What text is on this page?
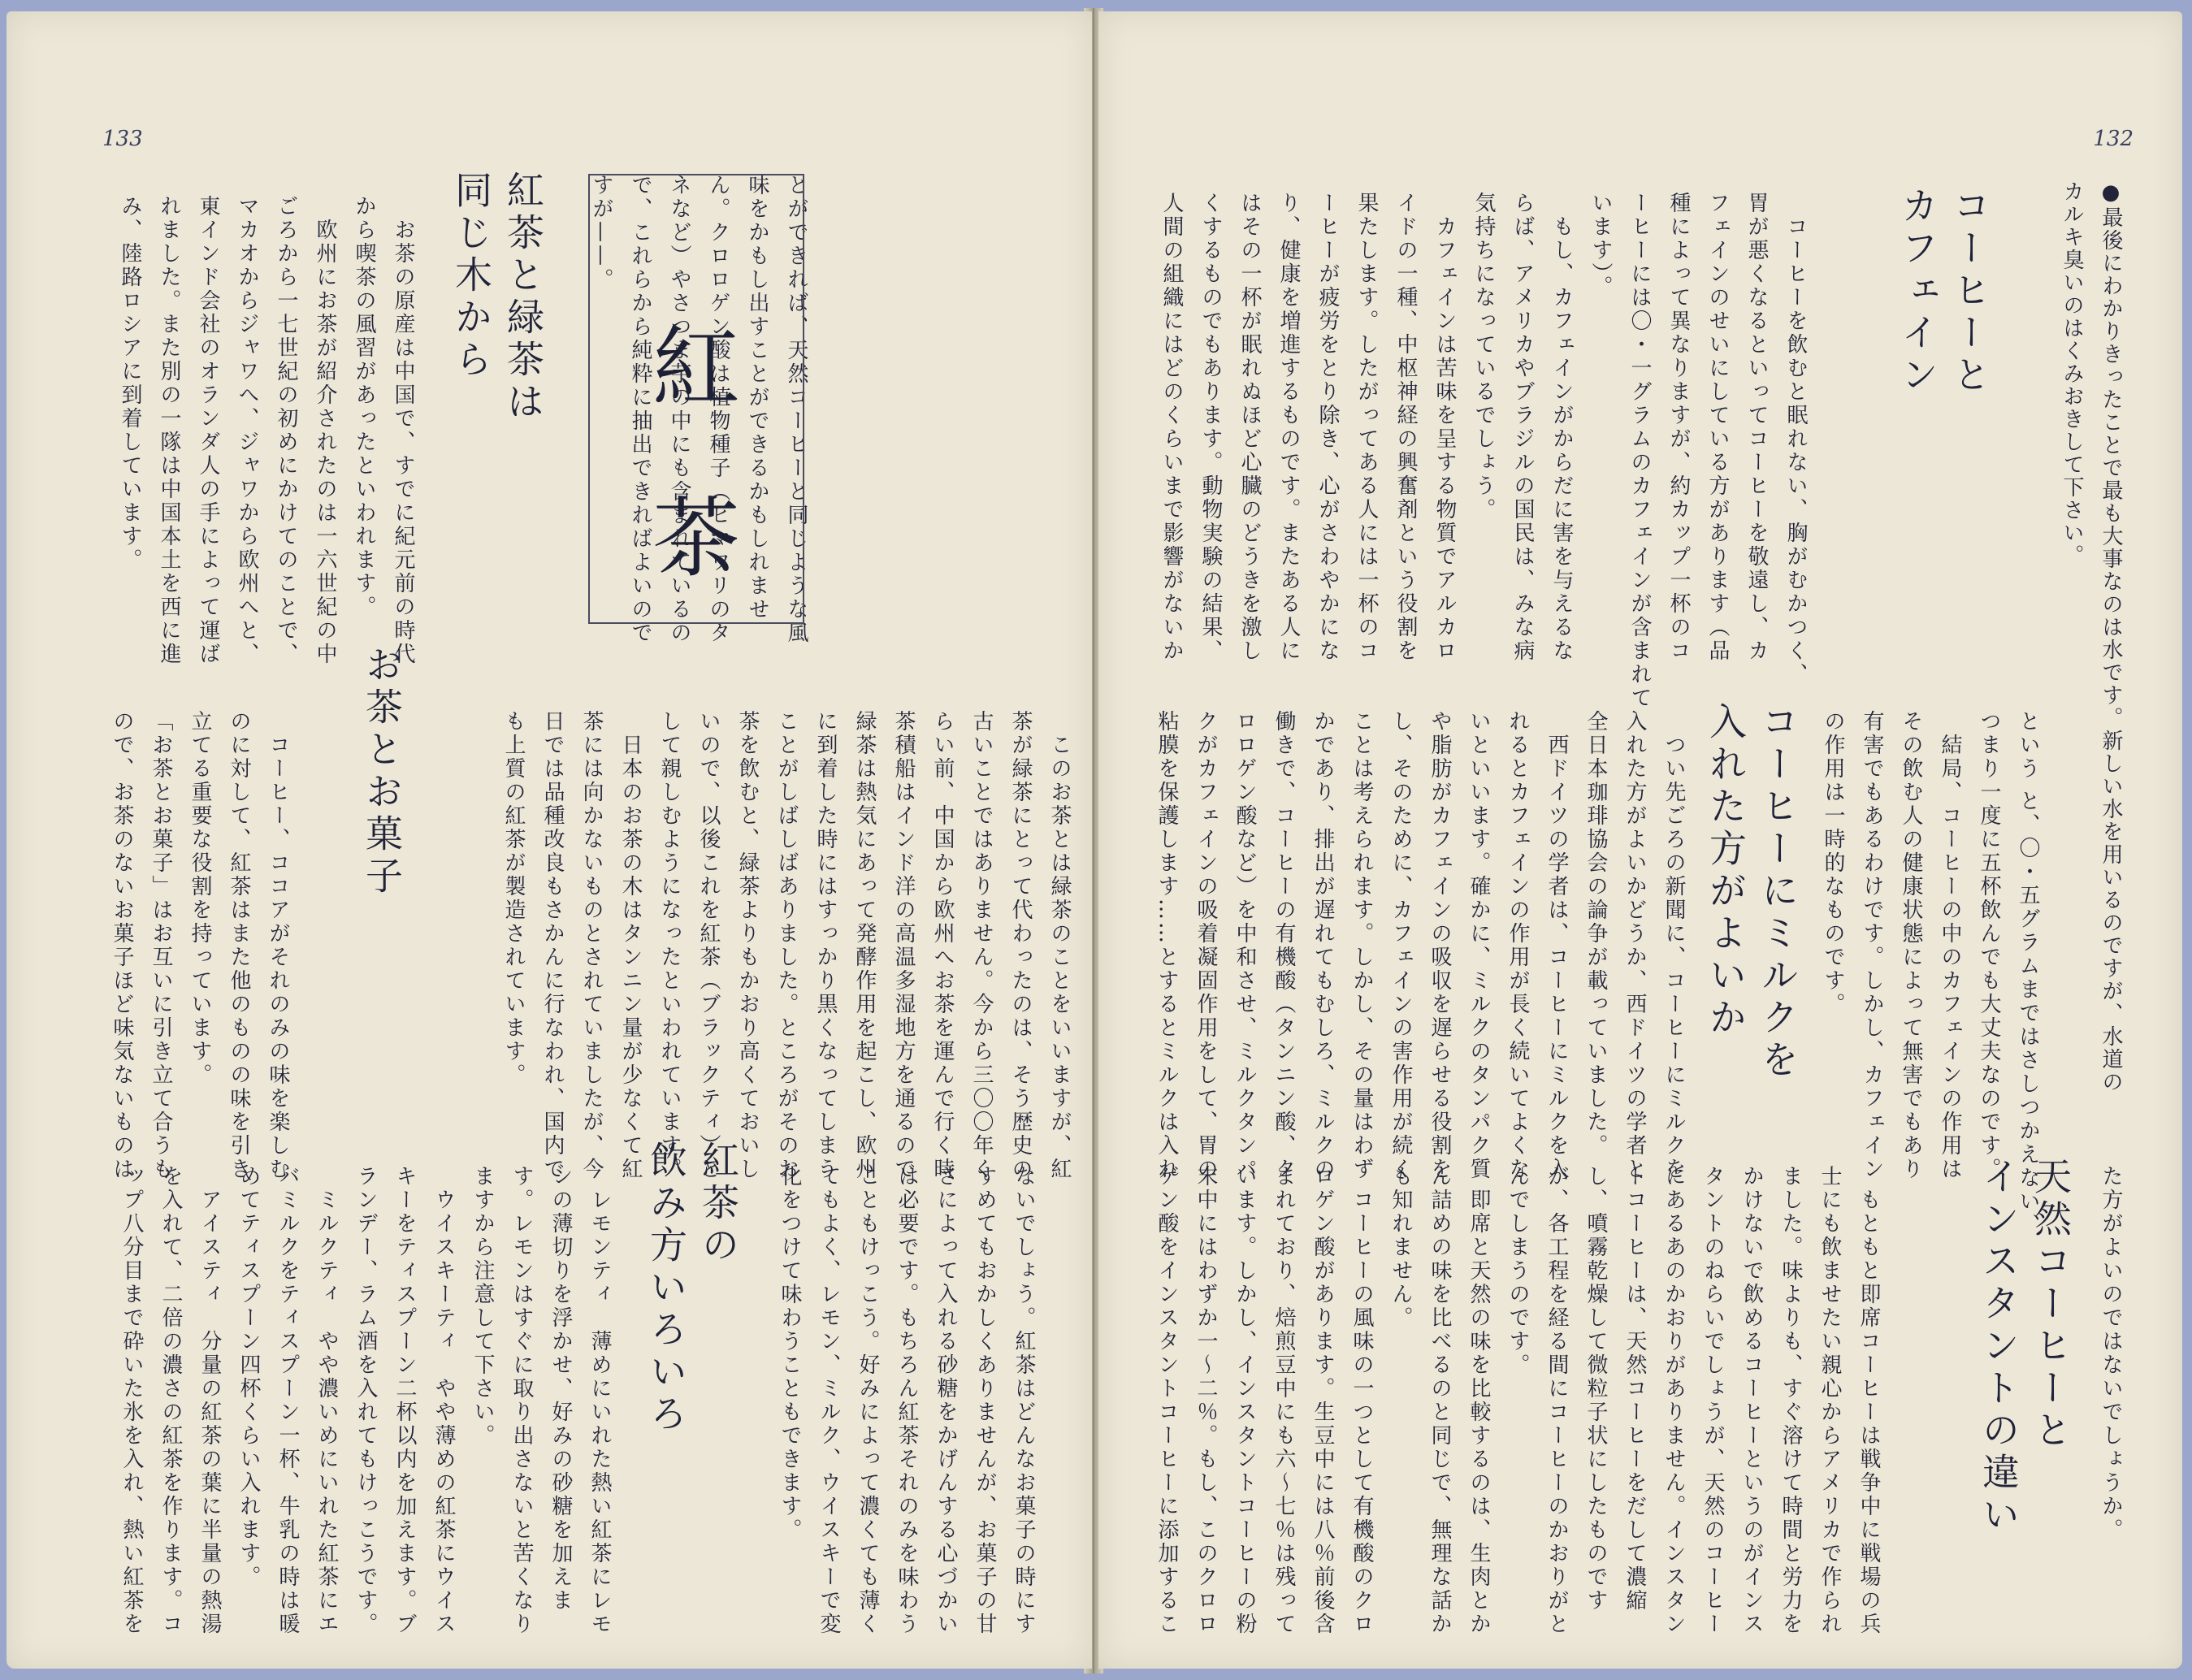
133
とができれば、天然コーヒーと同じような風
味をかもし出すことができるかもしれませ
ん。クロロゲン酸は植物種子（ヒマワリのタ
ネなど）やさつま芋の中にも含まれているの
で、これらから純粋に抽出できればよいので
すが——。
紅
茶
紅茶と緑茶は
同じ木から
　お茶の原産は中国で、すでに紀元前の時代
から喫茶の風習があったといわれます。
　欧州にお茶が紹介されたのは一六世紀の中
ごろから一七世紀の初めにかけてのことで、
マカオからジャワへ、ジャワから欧州へと、
東インド会社のオランダ人の手によって運ば
れました。また別の一隊は中国本土を西に進
み、陸路ロシアに到着しています。
　このお茶とは緑茶のことをいいますが、紅
茶が緑茶にとって代わったのは、そう歴史の
古いことではありません。今から三〇〇年く
らい前、中国から欧州へお茶を運んで行く時
茶積船はインド洋の高温多湿地方を通るので
緑茶は熱気にあって発酵作用を起こし、欧州
に到着した時にはすっかり黒くなってしまう
ことがしばしばありました。ところがそのお
茶を飲むと、緑茶よりもかおり高くておいし
いので、以後これを紅茶（ブラックティ）と
して親しむようになったといわれています。
　日本のお茶の木はタンニン量が少なくて紅
茶には向かないものとされていましたが、今
日では品種改良もさかんに行なわれ、国内で
も上質の紅茶が製造されています。
お茶とお菓子
　コーヒー、ココアがそれのみの味を楽しむ
のに対して、紅茶はまた他のものの味を引き
立てる重要な役割を持っています。
「お茶とお菓子」はお互いに引き立て合うも
ので、お茶のないお菓子ほど味気ないものは
ないでしょう。紅茶はどんなお菓子の時にす
すめてもおかしくありませんが、お菓子の甘
さによって入れる砂糖をかげんする心づかい
は必要です。もちろん紅茶それのみを味わう
こともけっこう。好みによって濃くても薄く
てもよく、レモン、ミルク、ウイスキーで変
化をつけて味わうこともできます。
紅茶の
飲み方いろいろ
　レモンティ　薄めにいれた熱い紅茶にレモ
ンの薄切りを浮かせ、好みの砂糖を加えま
す。レモンはすぐに取り出さないと苦くなり
ますから注意して下さい。
　ウイスキーティ　やや薄めの紅茶にウイス
キーをティスプーン二杯以内を加えます。ブ
ランデー、ラム酒を入れてもけっこうです。
　ミルクティ　やや濃いめにいれた紅茶にエ
バミルクをティスプーン一杯、牛乳の時は暖
めてティスプーン四杯くらい入れます。
　アイスティ　分量の紅茶の葉に半量の熱湯
を入れて、二倍の濃さの紅茶を作ります。コ
ップ八分目まで砕いた氷を入れ、熱い紅茶を
132
●最後にわかりきったことで最も大事なのは水です。新しい水を用いるのですが、水道の
カルキ臭いのはくみおきして下さい。
コーヒーと
カフェイン
　コーヒーを飲むと眠れない、胸がむかつく、
胃が悪くなるといってコーヒーを敬遠し、カ
フェインのせいにしている方があります（品
種によって異なりますが、約カップ一杯のコ
ーヒーには〇・一グラムのカフェインが含まれて
います）。
　もし、カフェインがからだに害を与えるな
らば、アメリカやブラジルの国民は、みな病
気持ちになっているでしょう。
　カフェインは苦味を呈する物質でアルカロ
イドの一種、中枢神経の興奮剤という役割を
果たします。したがってある人には一杯のコ
ーヒーが疲労をとり除き、心がさわやかにな
り、健康を増進するものです。またある人に
はその一杯が眠れぬほど心臓のどうきを激し
くするものでもあります。動物実験の結果、
人間の組織にはどのくらいまで影響がないか
という と、〇・五グラムまではさしつかえない、
つまり一度に五杯飲んでも大丈夫なのです。
　結局、コーヒーの中のカフェインの作用は
その飲む人の健康状態によって無害でもあり
有害でもあるわけです。しかし、カフェイン
の作用は一時的なものです。
コーヒーにミルクを
入れた方がよいか
　つい先ごろの新聞に、コーヒーにミルクを
入れた方がよいかどうか、西ドイツの学者と
全日本珈琲協会の論争が載っていました。
　西ドイツの学者は、コーヒーにミルクを入
れるとカフェインの作用が長く続いてよくな
いといいます。確かに、ミルクのタンパク質
や脂肪がカフェインの吸収を遅らせる役割を
し、そのために、カフェインの害作用が続く
ことは考えられます。しかし、その量はわず
かであり、排出が遅れてもむしろ、ミルクの
働きで、コーヒーの有機酸（タンニン酸、ク
ロロゲン酸など）を中和させ、ミルクタンパ
クがカフェインの吸着凝固作用をして、胃の
粘膜を保護します……とするとミルクは入れ
た方がよいのではないでしょうか。
天然コーヒーと
インスタントの違い
　もともと即席コーヒーは戦争中に戦場の兵
士にも飲ませたい親心からアメリカで作られ
ました。味よりも、すぐ溶けて時間と労力を
かけないで飲めるコーヒーというのがインス
タントのねらいでしょうが、天然のコーヒー
にあるあのかおりがありません。インスタン
トコーヒーは、天然コーヒーをだして濃縮
し、噴霧乾燥して微粒子状にしたものです
が、各工程を経る間にコーヒーのかおりがと
んでしまうのです。
　即席と天然の味を比較するのは、生肉とか
ん詰めの味を比べるのと同じで、無理な話か
も知れません。
　コーヒーの風味の一つとして有機酸のクロ
ロゲン酸があります。生豆中には八％前後含
まれており、焙煎豆中にも六〜七％は残って
います。しかし、インスタントコーヒーの粉
末中にはわずか一〜二％。もし、このクロロ
ゲン酸をインスタントコーヒーに添加するこ
